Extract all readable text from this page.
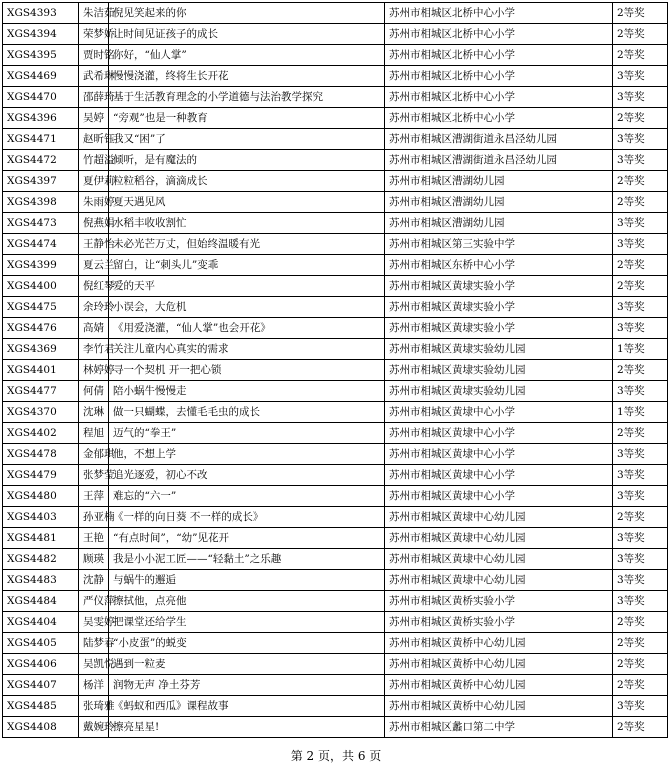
XGS4393	朱洁茹	倪见笑起来的你	苏州市相城区北桥中心小学	2等奖
XGS4394	荣梦娇	让时间见证孩子的成长	苏州市相城区北桥中心小学	2等奖
XGS4395	贾时铭	你好，“仙人掌”	苏州市相城区北桥中心小学	2等奖
XGS4469	武希琳	慢慢浇灌，终将生长开花	苏州市相城区北桥中心小学	3等奖
XGS4470	邵薛琦	基于生活教育理念的小学道德与法治教学探究	苏州市相城区北桥中心小学	3等奖
XGS4396	吴婷	“旁观”也是一种教育	苏州市相城区北桥中心小学	2等奖
XGS4471	赵昕钰	我又“困”了	苏州市相城区漕湖街道永昌泾幼儿园	3等奖
XGS4472	竹超溢	倾听，是有魔法的	苏州市相城区漕湖街道永昌泾幼儿园	3等奖
XGS4397	夏伊莉	粒粒稻谷，滴滴成长	苏州市相城区漕湖幼儿园	2等奖
XGS4398	朱雨婷	夏天遇见风	苏州市相城区漕湖幼儿园	2等奖
XGS4473	倪燕娟	水稻丰收收割忙	苏州市相城区漕湖幼儿园	3等奖
XGS4474	王静怡	未必光芒万丈，但始终温暖有光	苏州市相城区第三实验中学	3等奖
XGS4399	夏云兰	留白，让“刺头儿”变乖	苏州市相城区东桥中心小学	2等奖
XGS4400	倪红琴	爱的天平	苏州市相城区黄埭实验小学	2等奖
XGS4475	余玲玲	小误会，大危机	苏州市相城区黄埭实验小学	3等奖
XGS4476	高婧	《用爱浇灌，“仙人掌”也会开花》	苏州市相城区黄埭实验小学	3等奖
XGS4369	李竹君	关注儿童内心真实的需求	苏州市相城区黄埭实验幼儿园	1等奖
XGS4401	林婷婷	寻一个契机 开一把心锁	苏州市相城区黄埭实验幼儿园	2等奖
XGS4477	何倩	陪小蜗牛慢慢走	苏州市相城区黄埭实验幼儿园	3等奖
XGS4370	沈琳	做一只蝴蝶，去懂毛毛虫的成长	苏州市相城区黄埭中心小学	1等奖
XGS4402	程旭	迈气的“拳王”	苏州市相城区黄埭中心小学	2等奖
XGS4478	金郁琪	他，不想上学	苏州市相城区黄埭中心小学	3等奖
XGS4479	张梦莹	追光逐爱，初心不改	苏州市相城区黄埭中心小学	3等奖
XGS4480	王萍	难忘的“六一”	苏州市相城区黄埭中心小学	3等奖
XGS4403	孙亚楠	《一样的向日葵 不一样的成长》	苏州市相城区黄埭中心幼儿园	2等奖
XGS4481	王艳	“有点时间”，“幼”见花开	苏州市相城区黄埭中心幼儿园	3等奖
XGS4482	顾瑛	我是小小泥工匠——“轻黏土”之乐趣	苏州市相城区黄埭中心幼儿园	3等奖
XGS4483	沈静	与蜗牛的邂逅	苏州市相城区黄埭中心幼儿园	3等奖
XGS4484	严仪萍	擦拭他，点亮他	苏州市相城区黄桥实验小学	3等奖
XGS4404	吴雯婷	把课堂还给学生	苏州市相城区黄桥实验小学	2等奖
XGS4405	陆梦春	“小皮蛋”的蜕变	苏州市相城区黄桥中心幼儿园	2等奖
XGS4406	吴凯悦	遇到一粒麦	苏州市相城区黄桥中心幼儿园	2等奖
XGS4407	杨洋	润物无声 净土芬芳	苏州市相城区黄桥中心幼儿园	2等奖
XGS4485	张琦雅	《蚂蚁和西瓜》课程故事	苏州市相城区黄桥中心幼儿园	3等奖
XGS4408	戴婉玲	擦亮星星!	苏州市相城区蠡口第二中学	2等奖
第 2 页，共 6 页
